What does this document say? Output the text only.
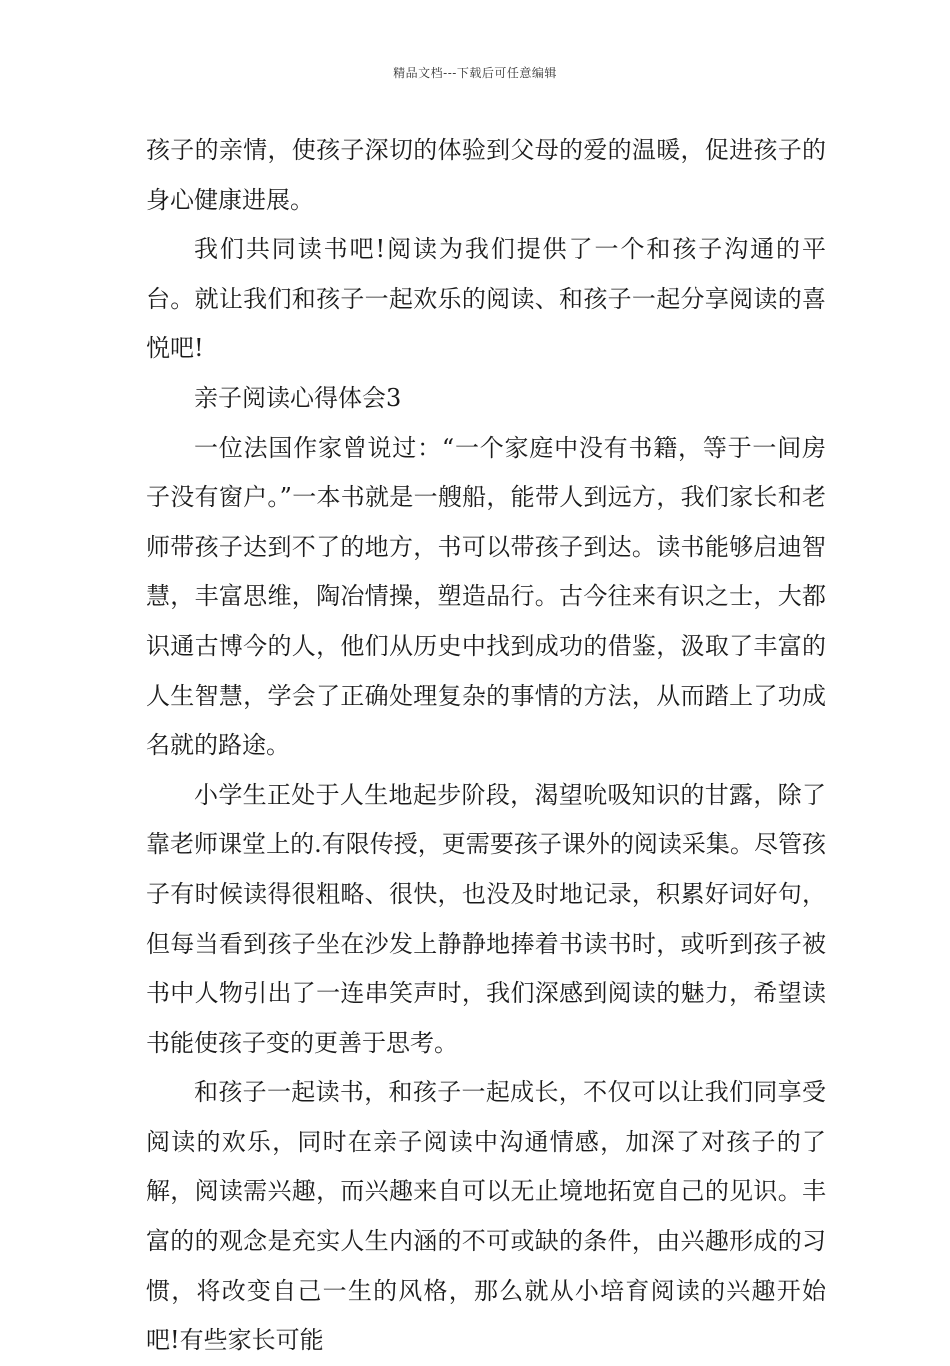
精品文档---下载后可任意编辑

孩子的亲情，使孩子深切的体验到父母的爱的温暖，促进孩子的身心健康进展。

我们共同读书吧!阅读为我们提供了一个和孩子沟通的平台。就让我们和孩子一起欢乐的阅读、和孩子一起分享阅读的喜悦吧!

亲子阅读心得体会3

一位法国作家曾说过：“一个家庭中没有书籍，等于一间房子没有窗户。”一本书就是一艘船，能带人到远方，我们家长和老师带孩子达到不了的地方，书可以带孩子到达。读书能够启迪智慧，丰富思维，陶冶情操，塑造品行。古今往来有识之士，大都识通古博今的人，他们从历史中找到成功的借鉴，汲取了丰富的人生智慧，学会了正确处理复杂的事情的方法，从而踏上了功成名就的路途。

小学生正处于人生地起步阶段，渴望吮吸知识的甘露，除了靠老师课堂上的.有限传授，更需要孩子课外的阅读采集。尽管孩子有时候读得很粗略、很快，也没及时地记录，积累好词好句，但每当看到孩子坐在沙发上静静地捧着书读书时，或听到孩子被书中人物引出了一连串笑声时，我们深感到阅读的魅力，希望读书能使孩子变的更善于思考。

和孩子一起读书，和孩子一起成长，不仅可以让我们同享受阅读的欢乐，同时在亲子阅读中沟通情感，加深了对孩子的了解，阅读需兴趣，而兴趣来自可以无止境地拓宽自己的见识。丰富的的观念是充实人生内涵的不可或缺的条件，由兴趣形成的习惯，将改变自己一生的风格，那么就从小培育阅读的兴趣开始吧!有些家长可能
